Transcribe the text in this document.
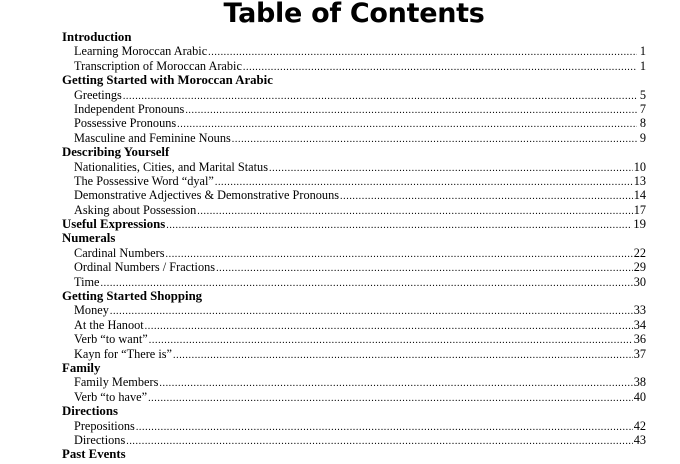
Table of Contents
Introduction
Learning Moroccan Arabic .....	1
Transcription of Moroccan Arabic .....	1
Getting Started with Moroccan Arabic
Greetings .....	5
Independent Pronouns .....	7
Possessive Pronouns .....	8
Masculine and Feminine Nouns .....	9
Describing Yourself
Nationalities, Cities, and Marital Status .....	10
The Possessive Word “dyal” .....	13
Demonstrative Adjectives & Demonstrative Pronouns .....	14
Asking about Possession .....	17
Useful Expressions .....	19
Numerals
Cardinal Numbers .....	22
Ordinal Numbers / Fractions .....	29
Time .....	30
Getting Started Shopping
Money .....	33
At the Hanoot .....	34
Verb “to want” .....	36
Kayn for “There is” .....	37
Family
Family Members .....	38
Verb “to have” .....	40
Directions
Prepositions .....	42
Directions .....	43
Past Events
